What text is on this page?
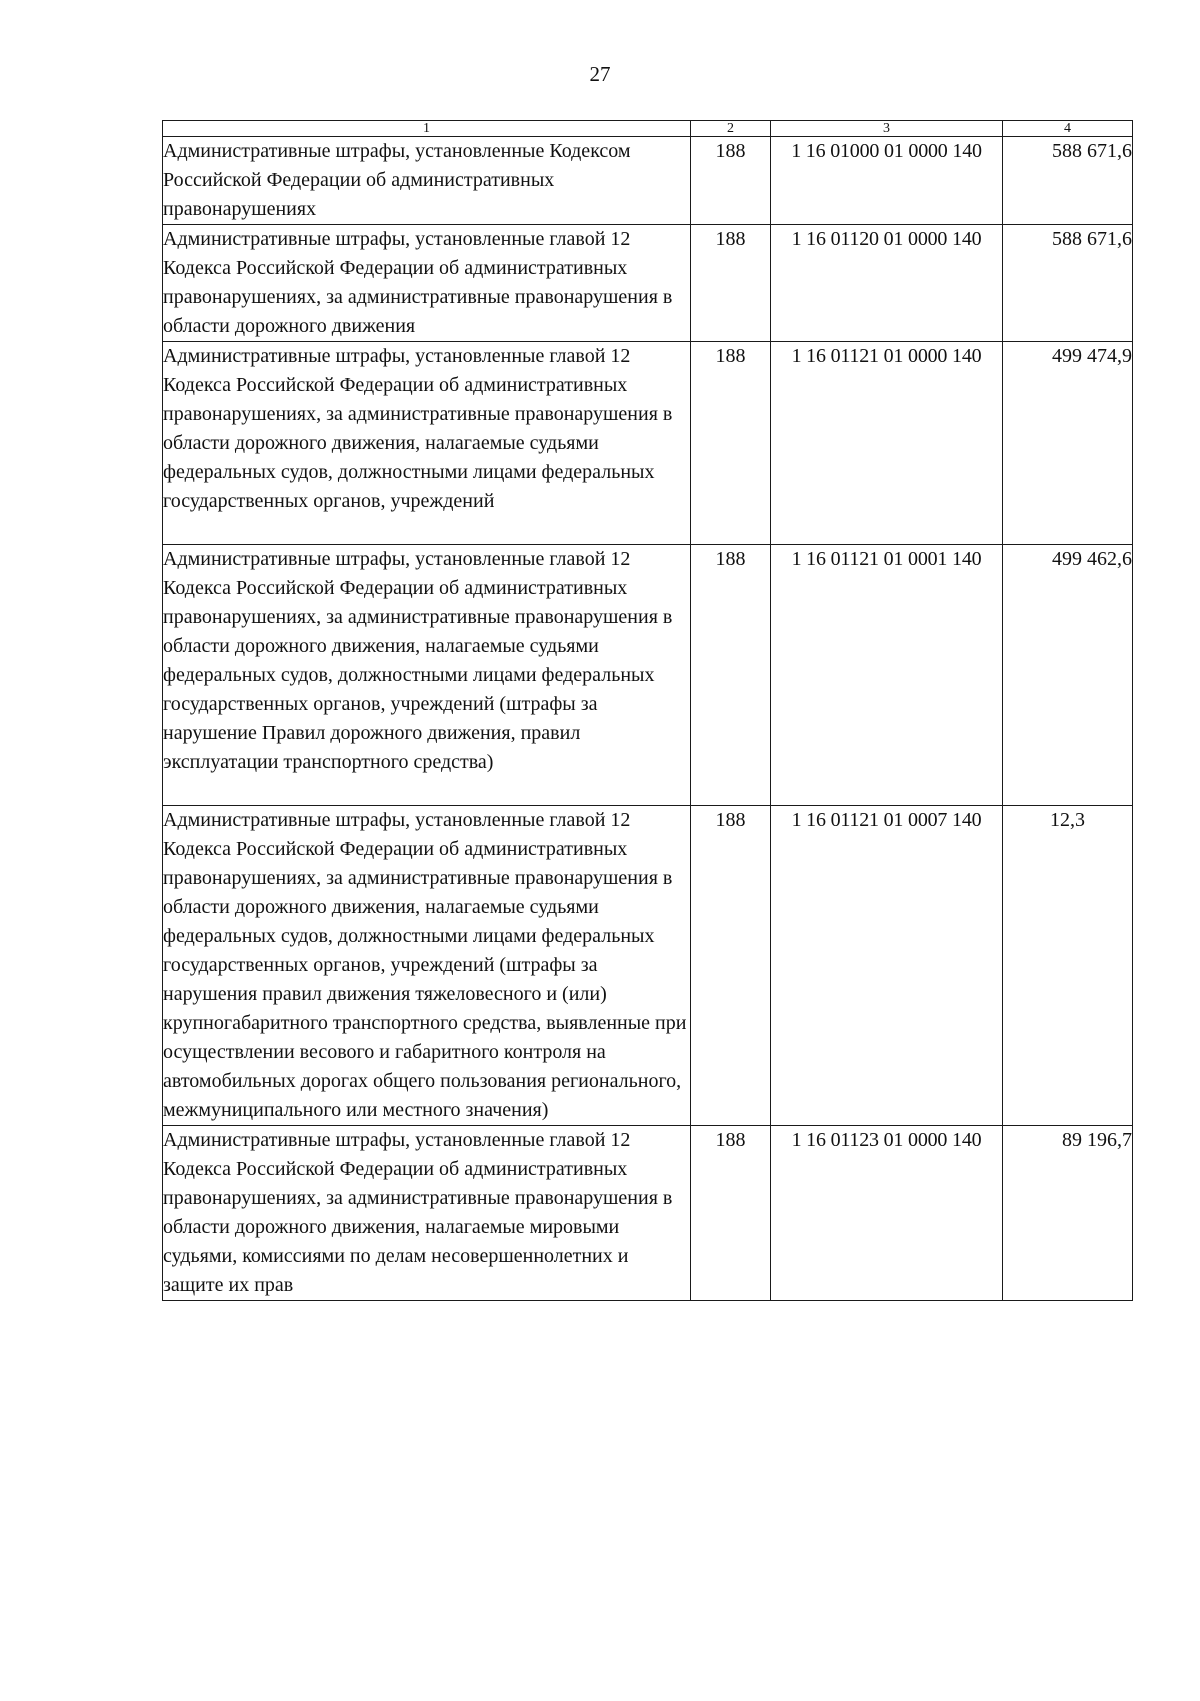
27
1	2	3	4
Административные штрафы, установленные Кодексом Российской Федерации об административных правонарушениях	188	1 16 01000 01 0000 140	588 671,6
Административные штрафы, установленные главой 12 Кодекса Российской Федерации об административных правонарушениях, за административные правонарушения в области дорожного движения	188	1 16 01120 01 0000 140	588 671,6
Административные штрафы, установленные главой 12 Кодекса Российской Федерации об административных правонарушениях, за административные правонарушения в области дорожного движения, налагаемые судьями федеральных судов, должностными лицами федеральных государственных органов, учреждений	188	1 16 01121 01 0000 140	499 474,9
Административные штрафы, установленные главой 12 Кодекса Российской Федерации об административных правонарушениях, за административные правонарушения в области дорожного движения, налагаемые судьями федеральных судов, должностными лицами федеральных государственных органов, учреждений (штрафы за нарушение Правил дорожного движения, правил эксплуатации транспортного средства)	188	1 16 01121 01 0001 140	499 462,6
Административные штрафы, установленные главой 12 Кодекса Российской Федерации об административных правонарушениях, за административные правонарушения в области дорожного движения, налагаемые судьями федеральных судов, должностными лицами федеральных государственных органов, учреждений (штрафы за нарушения правил движения тяжеловесного и (или) крупногабаритного транспортного средства, выявленные при осуществлении весового и габаритного контроля на автомобильных дорогах общего пользования регионального, межмуниципального или местного значения)	188	1 16 01121 01 0007 140	12,3
Административные штрафы, установленные главой 12 Кодекса Российской Федерации об административных правонарушениях, за административные правонарушения в области дорожного движения, налагаемые мировыми судьями, комиссиями по делам несовершеннолетних и защите их прав	188	1 16 01123 01 0000 140	89 196,7
